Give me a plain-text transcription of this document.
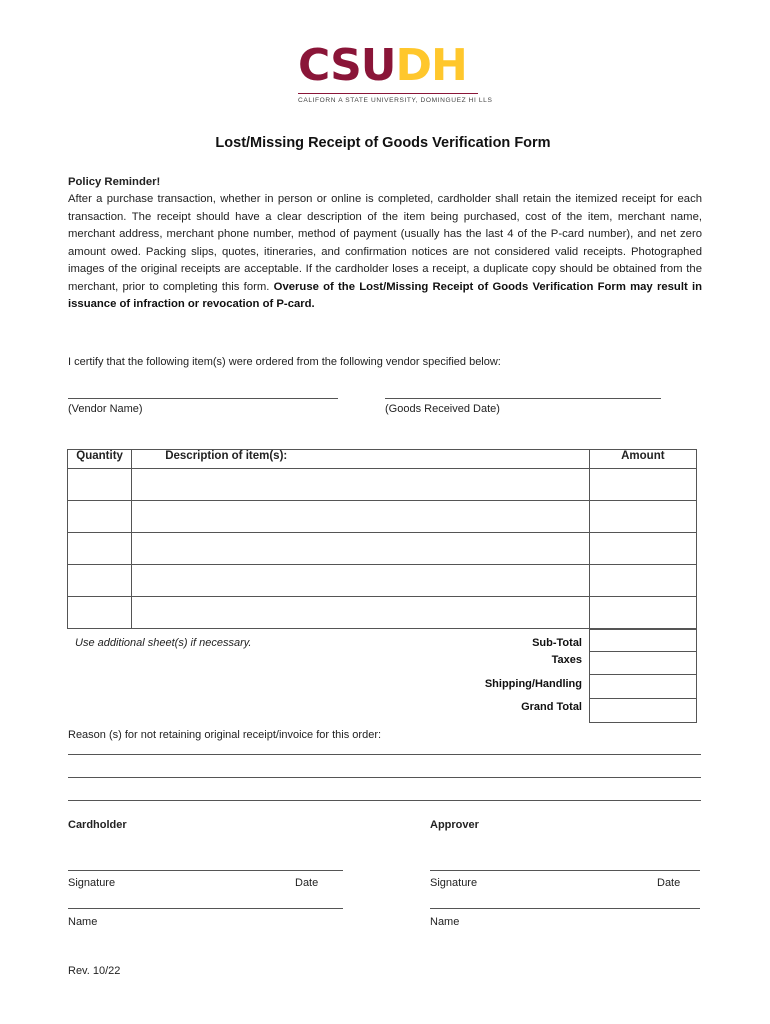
CSUDH
CALIFORN A STATE UNIVERSITY, DOMINGUEZ HI LLS
Lost/Missing Receipt of Goods Verification Form
Policy Reminder!
After a purchase transaction, whether in person or online is completed, cardholder shall retain the itemized receipt for each transaction. The receipt should have a clear description of the item being purchased, cost of the item, merchant name, merchant address, merchant phone number, method of payment (usually has the last 4 of the P-card number), and net zero amount owed. Packing slips, quotes, itineraries, and confirmation notices are not considered valid receipts. Photographed images of the original receipts are acceptable. If the cardholder loses a receipt, a duplicate copy should be obtained from the merchant, prior to completing this form. Overuse of the Lost/Missing Receipt of Goods Verification Form may result in issuance of infraction or revocation of P-card.
I certify that the following item(s) were ordered from the following vendor specified below:
(Vendor Name)	(Goods Received Date)
Quantity	Description of item(s):	Amount

Use additional sheet(s) if necessary.	Sub-Total
Taxes
Shipping/Handling
Grand Total
Reason (s) for not retaining original receipt/invoice for this order:
Cardholder
Signature	Date
Name
Approver
Signature	Date
Name
Rev. 10/22
